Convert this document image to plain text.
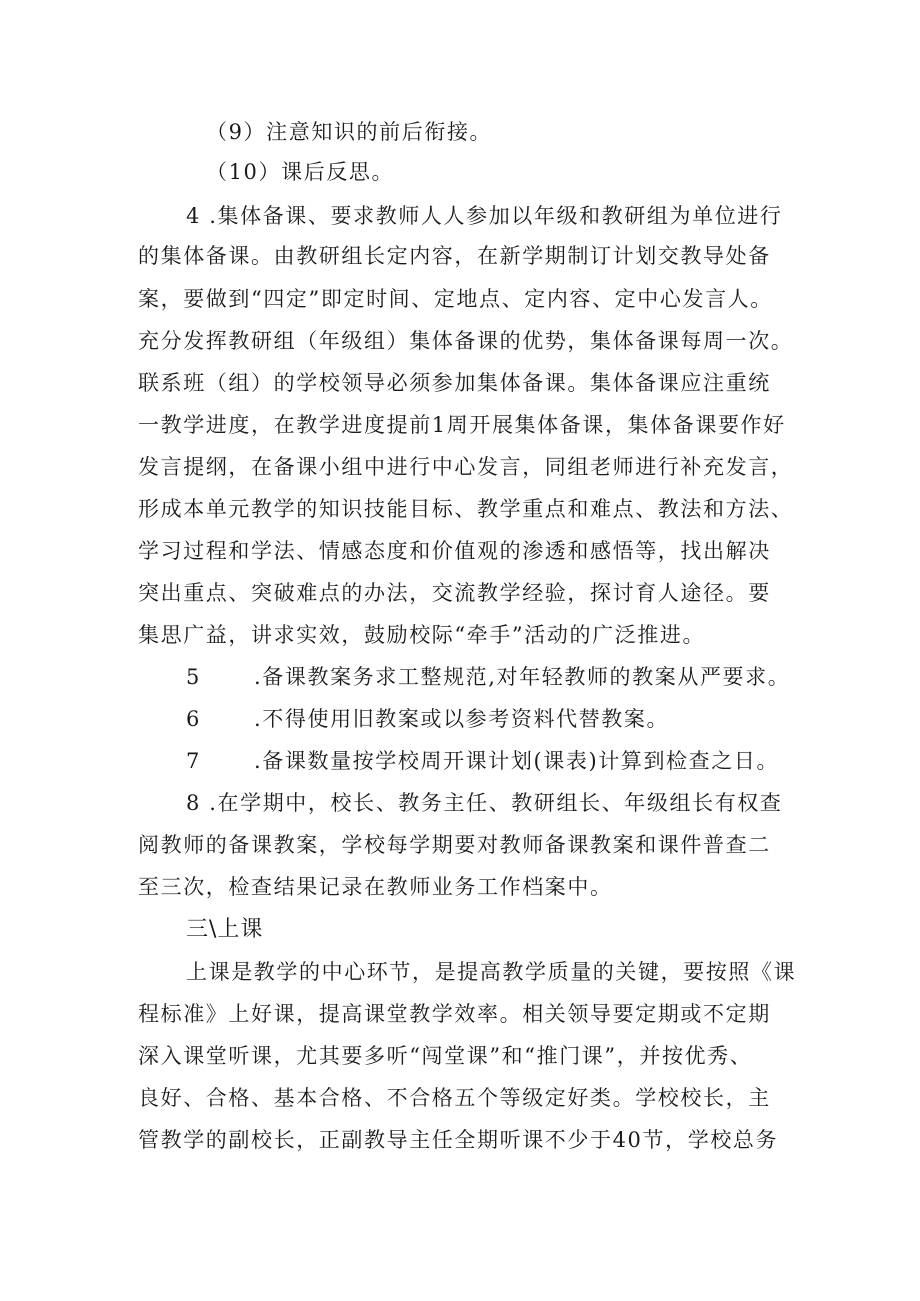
（9）注意知识的前后衔接。
（10）课后反思。
4 .集体备课、要求教师人人参加以年级和教研组为单位进行
的集体备课。由教研组长定内容，在新学期制订计划交教导处备
案，要做到“四定”即定时间、定地点、定内容、定中心发言人。
充分发挥教研组（年级组）集体备课的优势，集体备课每周一次。
联系班（组）的学校领导必须参加集体备课。集体备课应注重统
一教学进度，在教学进度提前1周开展集体备课，集体备课要作好
发言提纲，在备课小组中进行中心发言，同组老师进行补充发言，
形成本单元教学的知识技能目标、教学重点和难点、教法和方法、
学习过程和学法、情感态度和价值观的渗透和感悟等，找出解决
突出重点、突破难点的办法，交流教学经验，探讨育人途径。要
集思广益，讲求实效，鼓励校际“牵手”活动的广泛推进。
5	.备课教案务求工整规范,对年轻教师的教案从严要求。
6	.不得使用旧教案或以参考资料代替教案。
7	.备课数量按学校周开课计划(课表)计算到检查之日。
8 .在学期中，校长、教务主任、教研组长、年级组长有权查
阅教师的备课教案，学校每学期要对教师备课教案和课件普查二
至三次，检查结果记录在教师业务工作档案中。
三\上课
上课是教学的中心环节，是提高教学质量的关键，要按照《课
程标准》上好课，提高课堂教学效率。相关领导要定期或不定期
深入课堂听课，尤其要多听“闯堂课”和“推门课”，并按优秀、
良好、合格、基本合格、不合格五个等级定好类。学校校长，主
管教学的副校长，正副教导主任全期听课不少于40节，学校总务
